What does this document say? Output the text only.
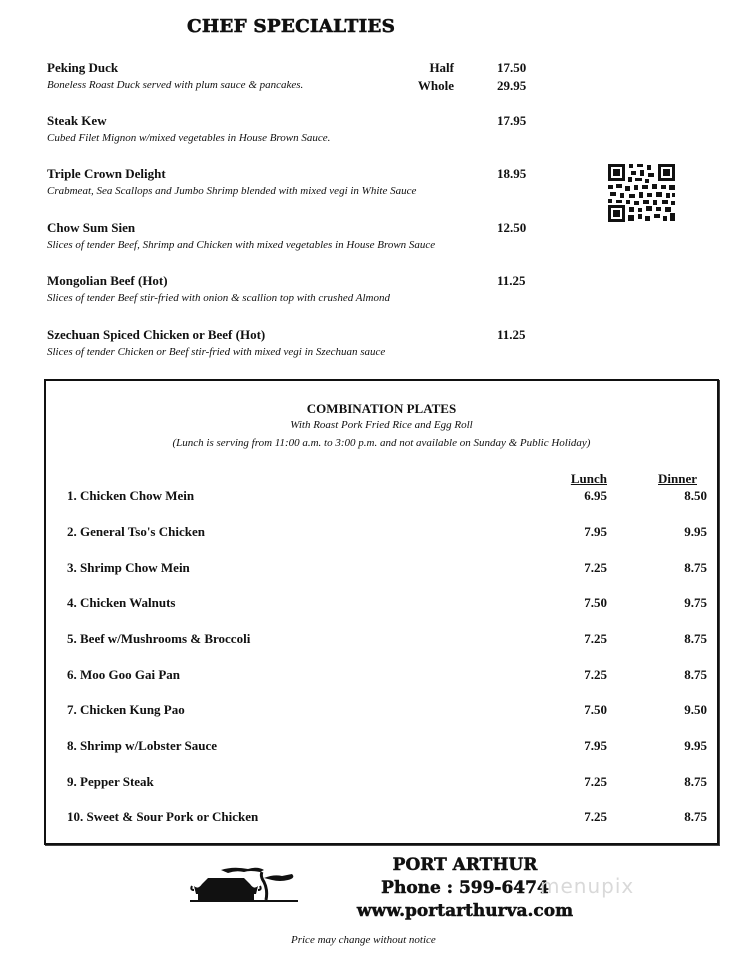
CHEF SPECIALTIES
Peking Duck
Boneless Roast Duck served with plum sauce & pancakes.
Half	17.50
Whole	29.95
Steak Kew
Cubed Filet Mignon w/mixed vegetables in House Brown Sauce.
17.95
Triple Crown Delight
Crabmeat, Sea Scallops and Jumbo Shrimp blended with mixed vegi in White Sauce
18.95
Chow Sum Sien
Slices of tender Beef, Shrimp and Chicken with mixed vegetables in House Brown Sauce
12.50
Mongolian Beef (Hot)
Slices of tender Beef stir-fried with onion & scallion top with crushed Almond
11.25
Szechuan Spiced Chicken or Beef (Hot)
Slices of tender Chicken or Beef stir-fried with mixed vegi in Szechuan sauce
11.25
COMBINATION PLATES
With Roast Pork Fried Rice and Egg Roll
(Lunch is serving from 11:00 a.m. to 3:00 p.m. and not available on Sunday & Public Holiday)
Lunch	Dinner
1. Chicken Chow Mein	6.95	8.50
2. General Tso's Chicken	7.95	9.95
3. Shrimp Chow Mein	7.25	8.75
4. Chicken Walnuts	7.50	9.75
5. Beef w/Mushrooms & Broccoli	7.25	8.75
6. Moo Goo Gai Pan	7.25	8.75
7. Chicken Kung Pao	7.50	9.50
8. Shrimp w/Lobster Sauce	7.95	9.95
9. Pepper Steak	7.25	8.75
10. Sweet & Sour Pork or Chicken	7.25	8.75
PORT ARTHUR
Phone : 599-6474
www.portarthurva.com
menupix
Price may change without notice
